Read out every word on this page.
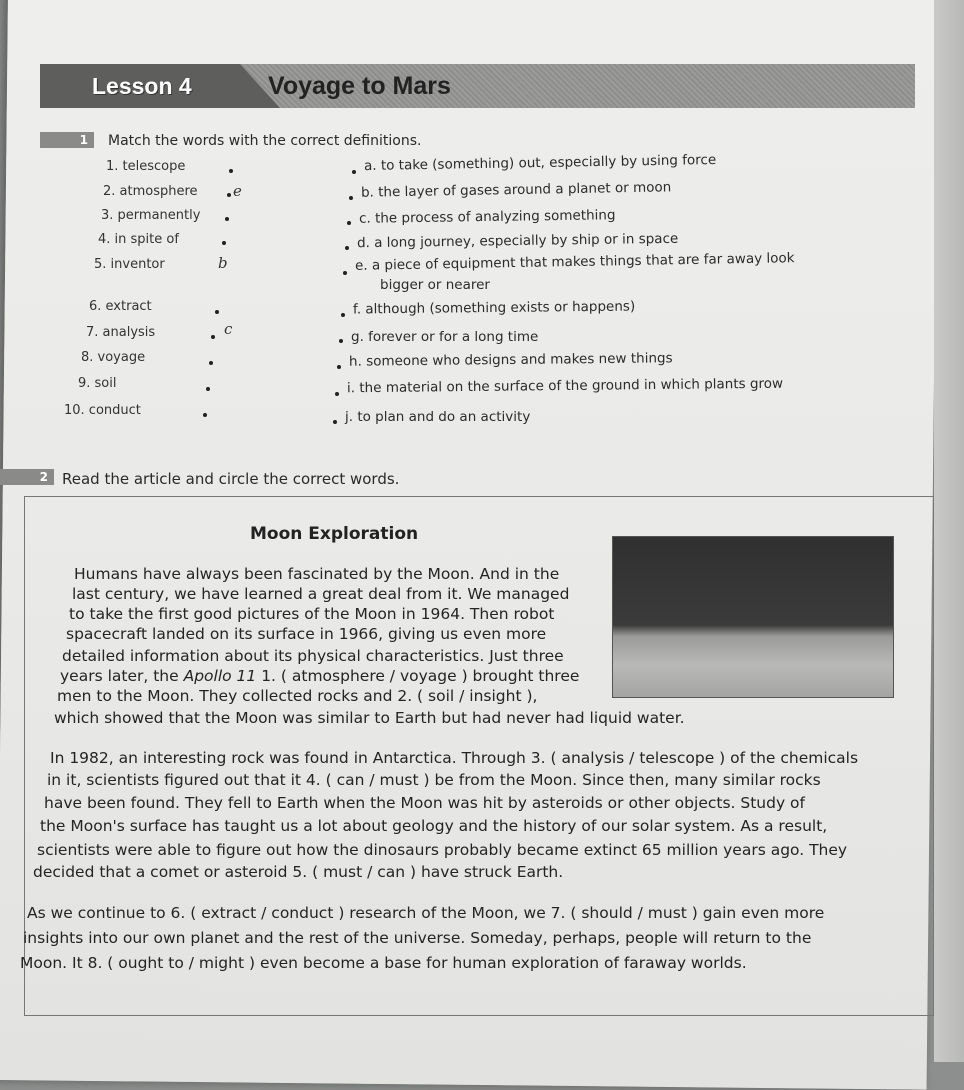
Lesson 4	Voyage to Mars
1	Match the words with the correct definitions.
1. telescope
2. atmosphere
3. permanently
4. in spite of
5. inventor
6. extract
7. analysis
8. voyage
9. soil
10. conduct
e
b
c
a. to take (something) out, especially by using force
b. the layer of gases around a planet or moon
c. the process of analyzing something
d. a long journey, especially by ship or in space
e. a piece of equipment that makes things that are far away look
bigger or nearer
f. although (something exists or happens)
g. forever or for a long time
h. someone who designs and makes new things
i. the material on the surface of the ground in which plants grow
j. to plan and do an activity
2 Read the article and circle the correct words.
Moon Exploration
Humans have always been fascinated by the Moon. And in the
last century, we have learned a great deal from it. We managed
to take the first good pictures of the Moon in 1964. Then robot
spacecraft landed on its surface in 1966, giving us even more
detailed information about its physical characteristics. Just three
years later, the Apollo 11 1. ( atmosphere / voyage ) brought three
men to the Moon. They collected rocks and 2. ( soil / insight ),
which showed that the Moon was similar to Earth but had never had liquid water.
In 1982, an interesting rock was found in Antarctica. Through 3. ( analysis / telescope ) of the chemicals
in it, scientists figured out that it 4. ( can / must ) be from the Moon. Since then, many similar rocks
have been found. They fell to Earth when the Moon was hit by asteroids or other objects. Study of
the Moon's surface has taught us a lot about geology and the history of our solar system. As a result,
scientists were able to figure out how the dinosaurs probably became extinct 65 million years ago. They
decided that a comet or asteroid 5. ( must / can ) have struck Earth.
As we continue to 6. ( extract / conduct ) research of the Moon, we 7. ( should / must ) gain even more
insights into our own planet and the rest of the universe. Someday, perhaps, people will return to the
Moon. It 8. ( ought to / might ) even become a base for human exploration of faraway worlds.
